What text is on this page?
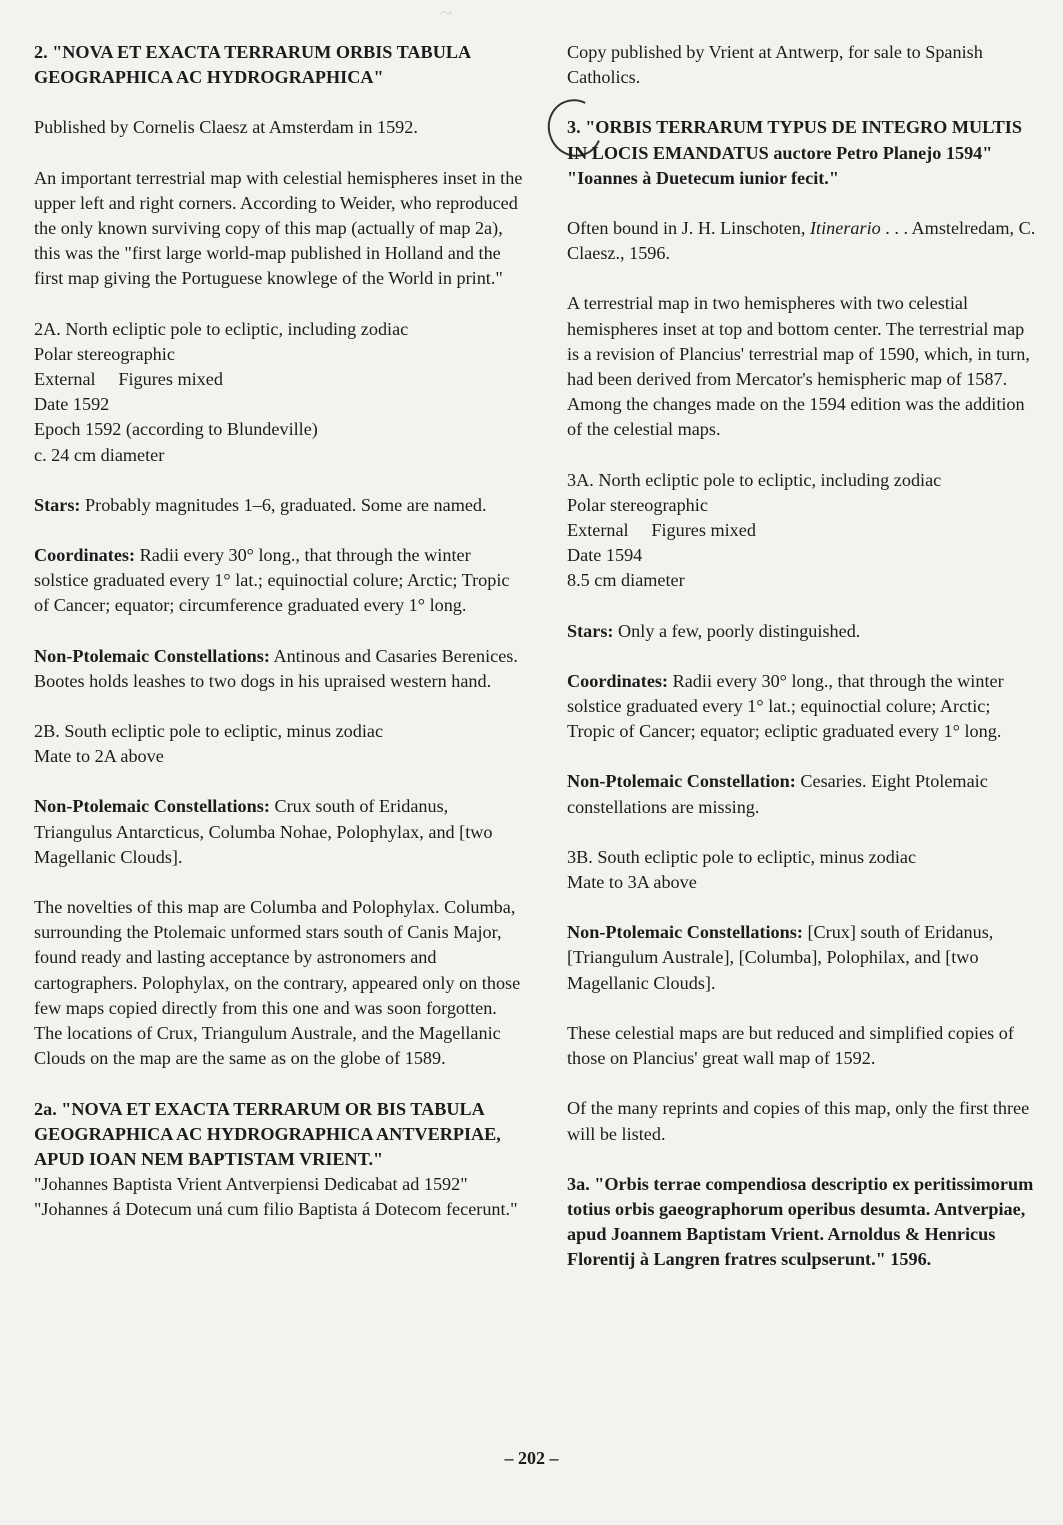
~

2. "NOVA ET EXACTA TERRARUM ORBIS TABULA GEOGRAPHICA AC HYDROGRAPHICA"

Published by Cornelis Claesz at Amsterdam in 1592.

An important terrestrial map with celestial hemispheres inset in the upper left and right corners. According to Weider, who reproduced the only known surviving copy of this map (actually of map 2a), this was the "first large world-map published in Holland and the first map giving the Portuguese knowlege of the World in print."

2A. North ecliptic pole to ecliptic, including zodiac
Polar stereographic
External     Figures mixed
Date 1592
Epoch 1592 (according to Blundeville)
c. 24 cm diameter

Stars: Probably magnitudes 1–6, graduated. Some are named.

Coordinates: Radii every 30° long., that through the winter solstice graduated every 1° lat.; equinoctial colure; Arctic; Tropic of Cancer; equator; circumference graduated every 1° long.

Non-Ptolemaic Constellations: Antinous and Casaries Berenices. Bootes holds leashes to two dogs in his upraised western hand.

2B. South ecliptic pole to ecliptic, minus zodiac
Mate to 2A above

Non-Ptolemaic Constellations: Crux south of Eridanus, Triangulus Antarcticus, Columba Nohae, Polophylax, and [two Magellanic Clouds].

The novelties of this map are Columba and Polophylax. Columba, surrounding the Ptolemaic unformed stars south of Canis Major, found ready and lasting acceptance by astronomers and cartographers. Polophylax, on the contrary, appeared only on those few maps copied directly from this one and was soon forgotten. The locations of Crux, Triangulum Australe, and the Magellanic Clouds on the map are the same as on the globe of 1589.

2a. "NOVA ET EXACTA TERRARUM OR BIS TABULA GEOGRAPHICA AC HYDROGRAPHICA ANTVERPIAE, APUD IOAN NEM BAPTISTAM VRIENT."
"Johannes Baptista Vrient Antverpiensi Dedicabat ad 1592"
"Johannes á Dotecum uná cum filio Baptista á Dotecom fecerunt."

Copy published by Vrient at Antwerp, for sale to Spanish Catholics.

3. "ORBIS TERRARUM TYPUS DE INTEGRO MULTIS IN LOCIS EMANDATUS auctore Petro Planejo 1594"
"Ioannes à Duetecum iunior fecit."

Often bound in J. H. Linschoten, Itinerario . . . Amstelredam, C. Claesz., 1596.

A terrestrial map in two hemispheres with two celestial hemispheres inset at top and bottom center. The terrestrial map is a revision of Plancius' terrestrial map of 1590, which, in turn, had been derived from Mercator's hemispheric map of 1587. Among the changes made on the 1594 edition was the addition of the celestial maps.

3A. North ecliptic pole to ecliptic, including zodiac
Polar stereographic
External     Figures mixed
Date 1594
8.5 cm diameter

Stars: Only a few, poorly distinguished.

Coordinates: Radii every 30° long., that through the winter solstice graduated every 1° lat.; equinoctial colure; Arctic; Tropic of Cancer; equator; ecliptic graduated every 1° long.

Non-Ptolemaic Constellation: Cesaries. Eight Ptolemaic constellations are missing.

3B. South ecliptic pole to ecliptic, minus zodiac
Mate to 3A above

Non-Ptolemaic Constellations: [Crux] south of Eridanus, [Triangulum Australe], [Columba], Polophilax, and [two Magellanic Clouds].

These celestial maps are but reduced and simplified copies of those on Plancius' great wall map of 1592.

Of the many reprints and copies of this map, only the first three will be listed.

3a. "Orbis terrae compendiosa descriptio ex peritissimorum totius orbis gaeographorum operibus desumta. Antverpiae, apud Joannem Baptistam Vrient. Arnoldus & Henricus Florentij à Langren fratres sculpserunt." 1596.

– 202 –
